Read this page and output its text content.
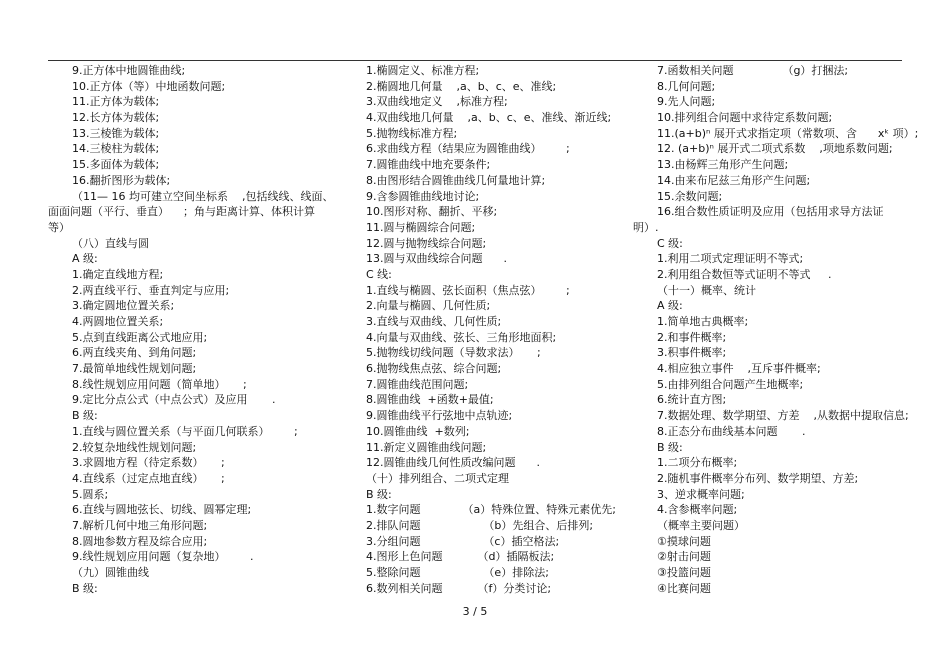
9.正方体中地圆锥曲线;
10.正方体（等）中地函数问题;
11.正方体为载体;
12.长方体为载体;
13.三棱锥为载体;
14.三棱柱为载体;
15.多面体为载体;
16.翻折图形为载体;
（11— 16 均可建立空间坐标系    ,包括线线、线面、
面面问题（平行、垂直）    ；角与距离计算、体积计算
等）
（八）直线与圆
A 级:
1.确定直线地方程;
2.两直线平行、垂直判定与应用;
3.确定圆地位置关系;
4.两圆地位置关系;
5.点到直线距离公式地应用;
6.两直线夹角、到角问题;
7.最简单地线性规划问题;
8.线性规划应用问题（简单地）     ;
9.定比分点公式（中点公式）及应用       .
B 级:
1.直线与圆位置关系（与平面几何联系）       ;
2.较复杂地线性规划问题;
3.求圆地方程（待定系数）     ;
4.直线系（过定点地直线）     ;
5.圆系;
6.直线与圆地弦长、切线、圆幂定理;
7.解析几何中地三角形问题;
8.圆地参数方程及综合应用;
9.线性规划应用问题（复杂地）       .
（九）圆锥曲线
B 级:
1.椭圆定义、标准方程;
2.椭圆地几何量    ,a、b、c、e、准线;
3.双曲线地定义    ,标准方程;
4.双曲线地几何量    ,a、b、c、e、准线、渐近线;
5.抛物线标准方程;
6.求曲线方程（结果应为圆锥曲线）       ;
7.圆锥曲线中地充要条件;
8.由图形结合圆锥曲线几何量地计算;
9.含参圆锥曲线地讨论;
10.图形对称、翻折、平移;
11.圆与椭圆综合问题;
12.圆与抛物线综合问题;
13.圆与双曲线综合问题      .
C 线:
1.直线与椭圆、弦长面积（焦点弦）       ;
2.向量与椭圆、几何性质;
3.直线与双曲线、几何性质;
4.向量与双曲线、弦长、三角形地面积;
5.抛物线切线问题（导数求法）     ;
6.抛物线焦点弦、综合问题;
7.圆锥曲线范围问题;
8.圆锥曲线  +函数+最值;
9.圆锥曲线平行弦地中点轨迹;
10.圆锥曲线  +数列;
11.新定义圆锥曲线问题;
12.圆锥曲线几何性质改编问题      .
（十）排列组合、二项式定理
B 级:
1.数字问题            （a）特殊位置、特殊元素优先;
2.排队问题                  （b）先组合、后排列;
3.分组问题                  （c）插空格法;
4.图形上色问题          （d）插隔板法;
5.整除问题                  （e）排除法;
6.数列相关问题          （f）分类讨论;
7.函数相关问题              （g）打捆法;
8.几何问题;
9.先人问题;
10.排列组合问题中求待定系数问题;
11.(a+b)ⁿ 展开式求指定项（常数项、含      xᵏ 项）;
12. (a+b)ⁿ 展开式二项式系数    ,项地系数问题;
13.由杨辉三角形产生问题;
14.由来布尼兹三角形产生问题;
15.余数问题;
16.组合数性质证明及应用（包括用求导方法证
明）.
C 级:
1.利用二项式定理证明不等式;
2.利用组合数恒等式证明不等式     .
（十一）概率、统计
A 级:
1.简单地古典概率;
2.和事件概率;
3.积事件概率;
4.相应独立事件    ,互斥事件概率;
5.由排列组合问题产生地概率;
6.统计直方图;
7.数据处理、数学期望、方差    ,从数据中提取信息;
8.正态分布曲线基本问题       .
B 级:
1.二项分布概率;
2.随机事件概率分布列、数学期望、方差;
3、逆求概率问题;
4.含参概率问题;
（概率主要问题）
①摸球问题
②射击问题
③投篮问题
④比赛问题
3 / 5
